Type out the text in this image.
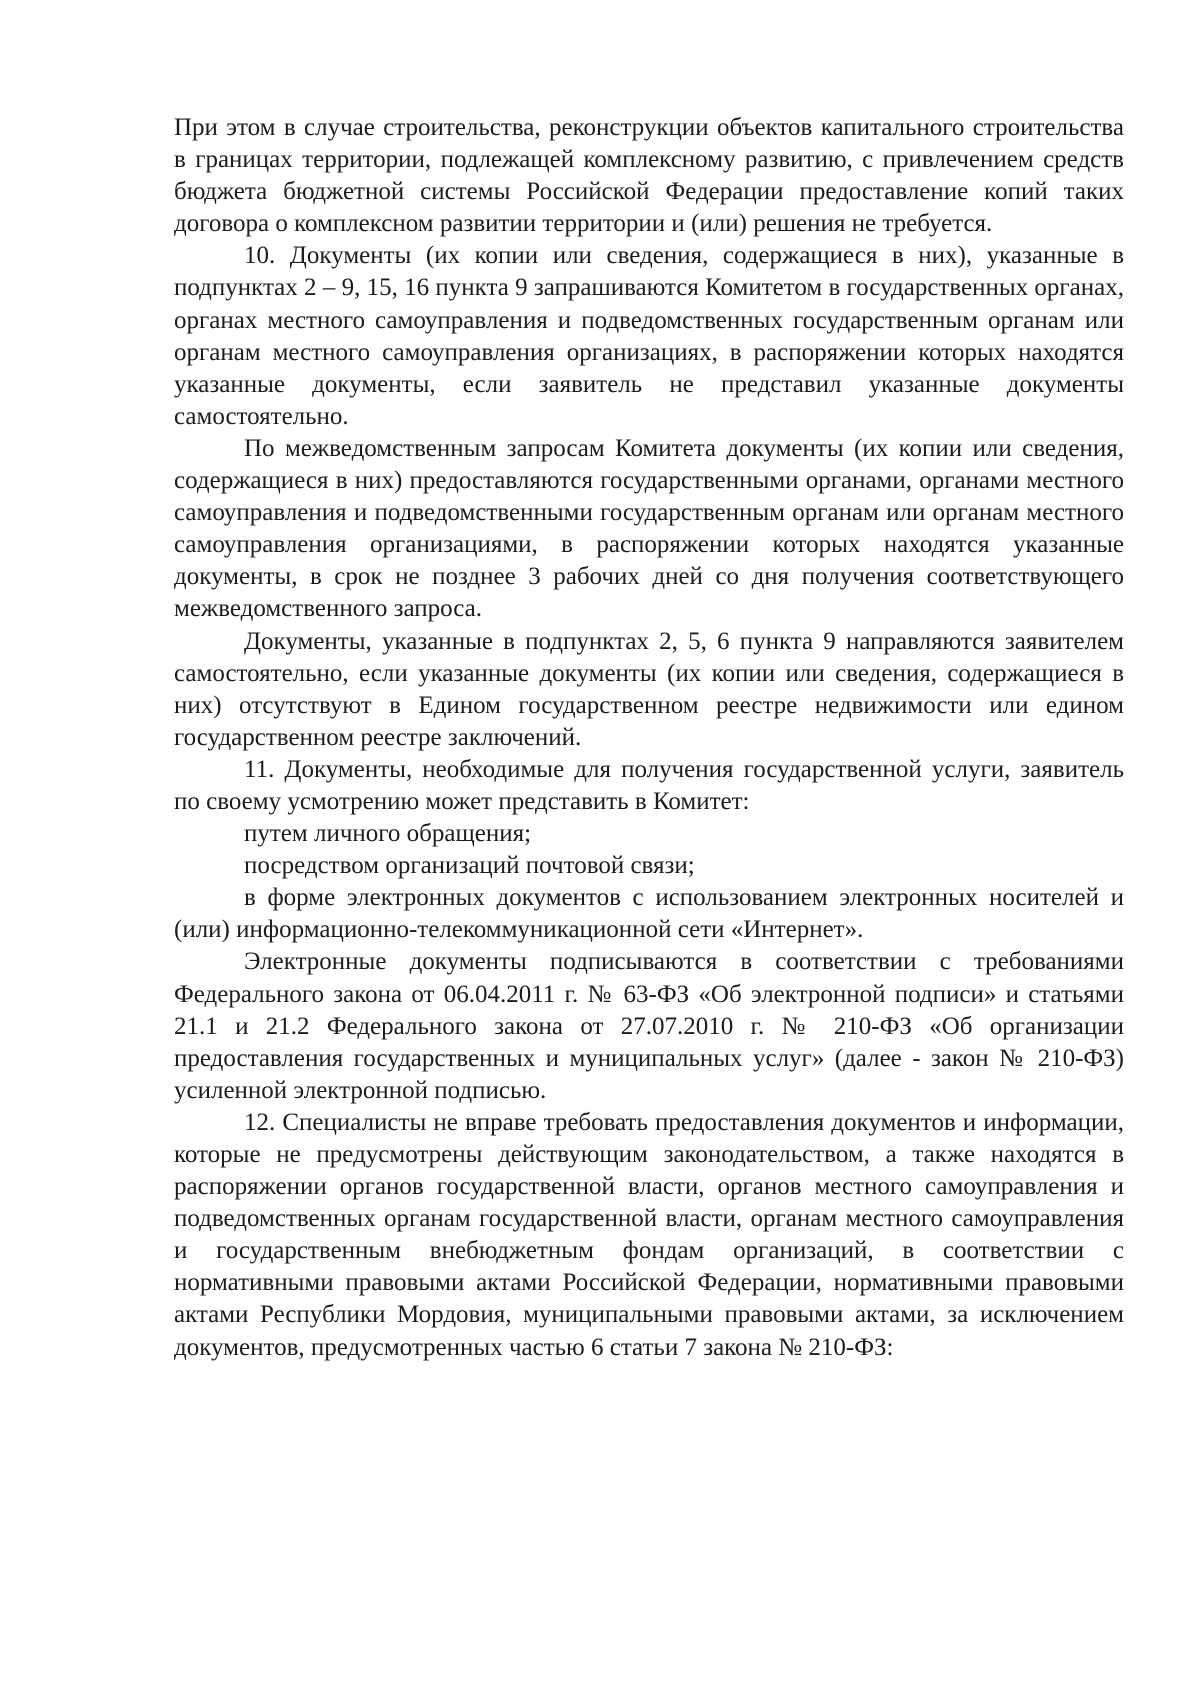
При этом в случае строительства, реконструкции объектов капитального строительства в границах территории, подлежащей комплексному развитию, с привлечением средств бюджета бюджетной системы Российской Федерации предоставление копий таких договора о комплексном развитии территории и (или) решения не требуется.

10. Документы (их копии или сведения, содержащиеся в них), указанные в подпунктах 2 – 9, 15, 16 пункта 9 запрашиваются Комитетом в государственных органах, органах местного самоуправления и подведомственных государственным органам или органам местного самоуправления организациях, в распоряжении которых находятся указанные документы, если заявитель не представил указанные документы самостоятельно.

По межведомственным запросам Комитета документы (их копии или сведения, содержащиеся в них) предоставляются государственными органами, органами местного самоуправления и подведомственными государственным органам или органам местного самоуправления организациями, в распоряжении которых находятся указанные документы, в срок не позднее 3 рабочих дней со дня получения соответствующего межведомственного запроса.

Документы, указанные в подпунктах 2, 5, 6 пункта 9 направляются заявителем самостоятельно, если указанные документы (их копии или сведения, содержащиеся в них) отсутствуют в Едином государственном реестре недвижимости или едином государственном реестре заключений.

11. Документы, необходимые для получения государственной услуги, заявитель по своему усмотрению может представить в Комитет:

путем личного обращения;

посредством организаций почтовой связи;

в форме электронных документов с использованием электронных носителей и (или) информационно-телекоммуникационной сети «Интернет».

Электронные документы подписываются в соответствии с требованиями Федерального закона от 06.04.2011 г. № 63-ФЗ «Об электронной подписи» и статьями 21.1 и 21.2 Федерального закона от 27.07.2010 г. № 210-ФЗ «Об организации предоставления государственных и муниципальных услуг» (далее - закон № 210-ФЗ) усиленной электронной подписью.

12. Специалисты не вправе требовать предоставления документов и информации, которые не предусмотрены действующим законодательством, а также находятся в распоряжении органов государственной власти, органов местного самоуправления и подведомственных органам государственной власти, органам местного самоуправления и государственным внебюджетным фондам организаций, в соответствии с нормативными правовыми актами Российской Федерации, нормативными правовыми актами Республики Мордовия, муниципальными правовыми актами, за исключением документов, предусмотренных частью 6 статьи 7 закона № 210-ФЗ:
